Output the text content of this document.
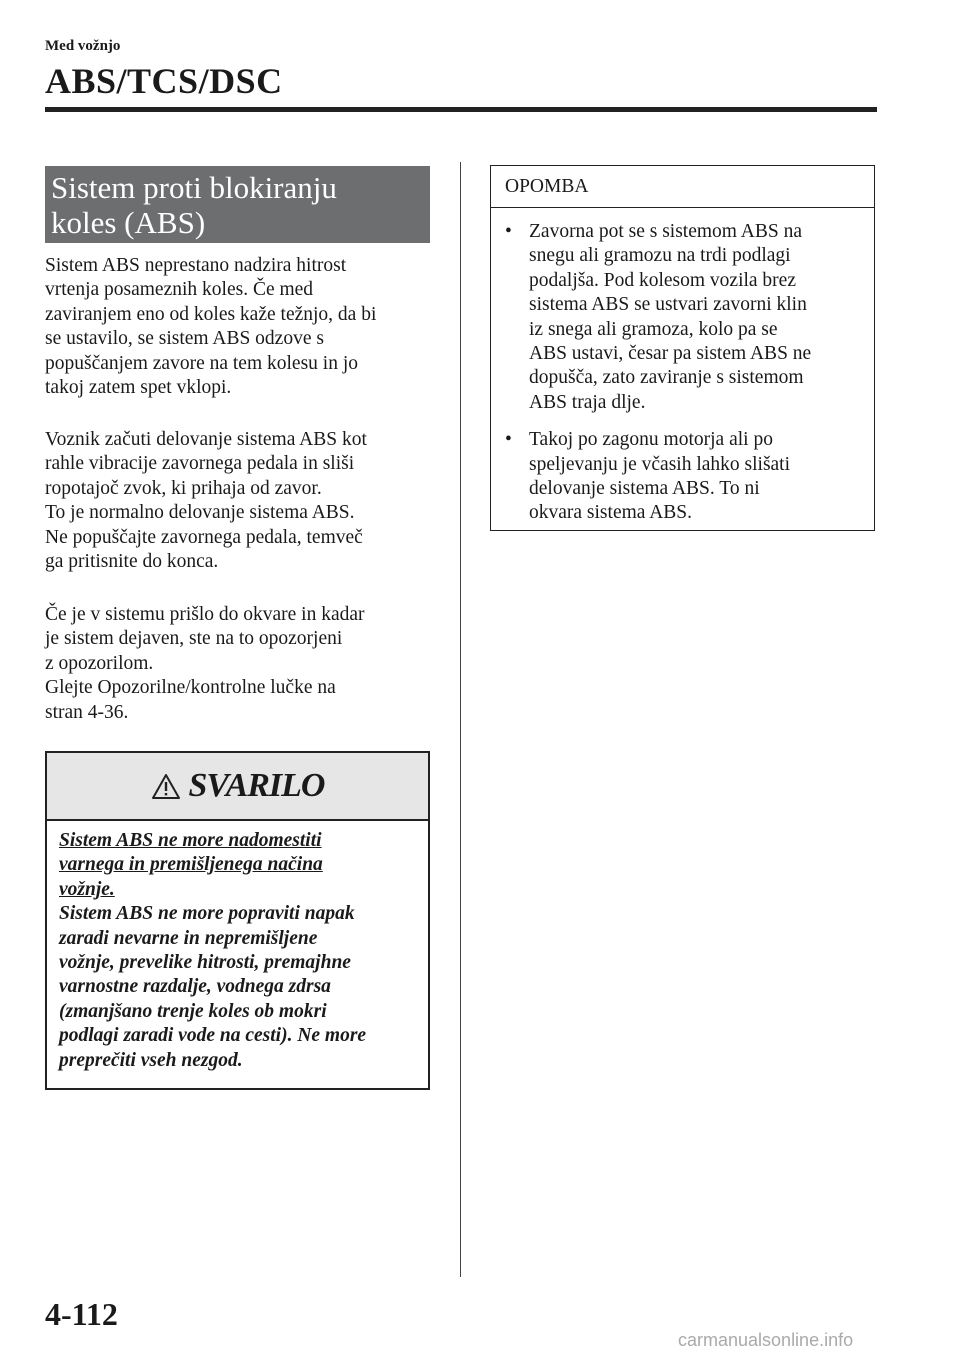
Med vožnjo
ABS/TCS/DSC
Sistem proti blokiranju
koles (ABS)
Sistem ABS neprestano nadzira hitrost
vrtenja posameznih koles. Če med
zaviranjem eno od koles kaže težnjo, da bi
se ustavilo, se sistem ABS odzove s
popuščanjem zavore na tem kolesu in jo
takoj zatem spet vklopi.
Voznik začuti delovanje sistema ABS kot
rahle vibracije zavornega pedala in sliši
ropotajoč zvok, ki prihaja od zavor.
To je normalno delovanje sistema ABS.
Ne popuščajte zavornega pedala, temveč
ga pritisnite do konca.
Če je v sistemu prišlo do okvare in kadar
je sistem dejaven, ste na to opozorjeni
z opozorilom.
Glejte Opozorilne/kontrolne lučke na
stran 4-36.
SVARILO
Sistem ABS ne more nadomestiti
varnega in premišljenega načina
vožnje.
Sistem ABS ne more popraviti napak
zaradi nevarne in nepremišljene
vožnje, prevelike hitrosti, premajhne
varnostne razdalje, vodnega zdrsa
(zmanjšano trenje koles ob mokri
podlagi zaradi vode na cesti). Ne more
preprečiti vseh nezgod.
OPOMBA
• Zavorna pot se s sistemom ABS na
snegu ali gramozu na trdi podlagi
podaljša. Pod kolesom vozila brez
sistema ABS se ustvari zavorni klin
iz snega ali gramoza, kolo pa se
ABS ustavi, česar pa sistem ABS ne
dopušča, zato zaviranje s sistemom
ABS traja dlje.
• Takoj po zagonu motorja ali po
speljevanju je včasih lahko slišati
delovanje sistema ABS. To ni
okvara sistema ABS.
4-112
carmanualsonline.info
